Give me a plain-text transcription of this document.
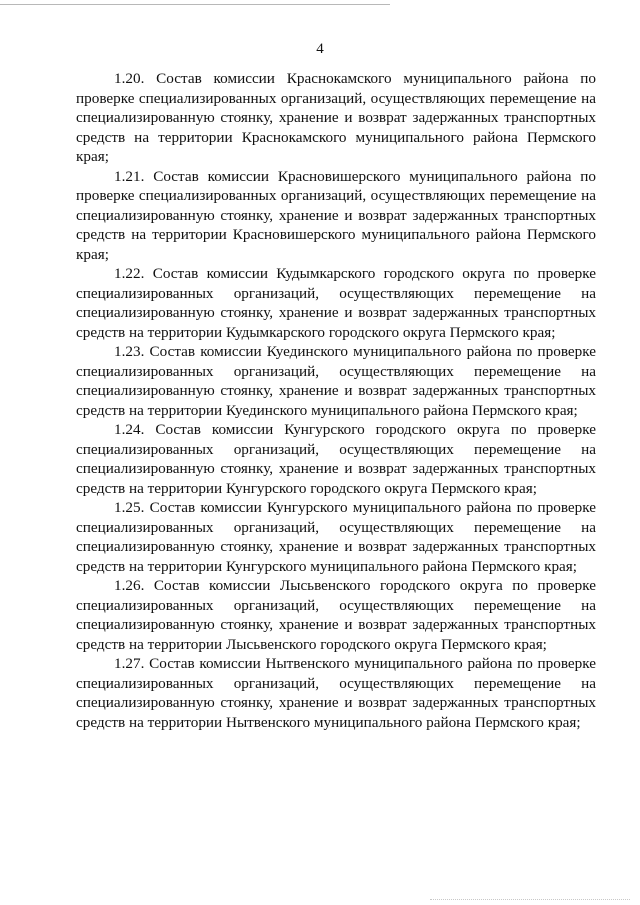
4

1.20. Состав комиссии Краснокамского муниципального района по проверке специализированных организаций, осуществляющих перемещение на специализированную стоянку, хранение и возврат задержанных транспортных средств на территории Краснокамского муниципального района Пермского края;

1.21. Состав комиссии Красновишерского муниципального района по проверке специализированных организаций, осуществляющих перемещение на специализированную стоянку, хранение и возврат задержанных транспортных средств на территории Красновишерского муниципального района Пермского края;

1.22. Состав комиссии Кудымкарского городского округа по проверке специализированных организаций, осуществляющих перемещение на специализированную стоянку, хранение и возврат задержанных транспортных средств на территории Кудымкарского городского округа Пермского края;

1.23. Состав комиссии Куединского муниципального района по проверке специализированных организаций, осуществляющих перемещение на специализированную стоянку, хранение и возврат задержанных транспортных средств на территории Куединского муниципального района Пермского края;

1.24. Состав комиссии Кунгурского городского округа по проверке специализированных организаций, осуществляющих перемещение на специализированную стоянку, хранение и возврат задержанных транспортных средств на территории Кунгурского городского округа Пермского края;

1.25. Состав комиссии Кунгурского муниципального района по проверке специализированных организаций, осуществляющих перемещение на специализированную стоянку, хранение и возврат задержанных транспортных средств на территории Кунгурского муниципального района Пермского края;

1.26. Состав комиссии Лысьвенского городского округа по проверке специализированных организаций, осуществляющих перемещение на специализированную стоянку, хранение и возврат задержанных транспортных средств на территории Лысьвенского городского округа Пермского края;

1.27. Состав комиссии Нытвенского муниципального района по проверке специализированных организаций, осуществляющих перемещение на специализированную стоянку, хранение и возврат задержанных транспортных средств на территории Нытвенского муниципального района Пермского края;
